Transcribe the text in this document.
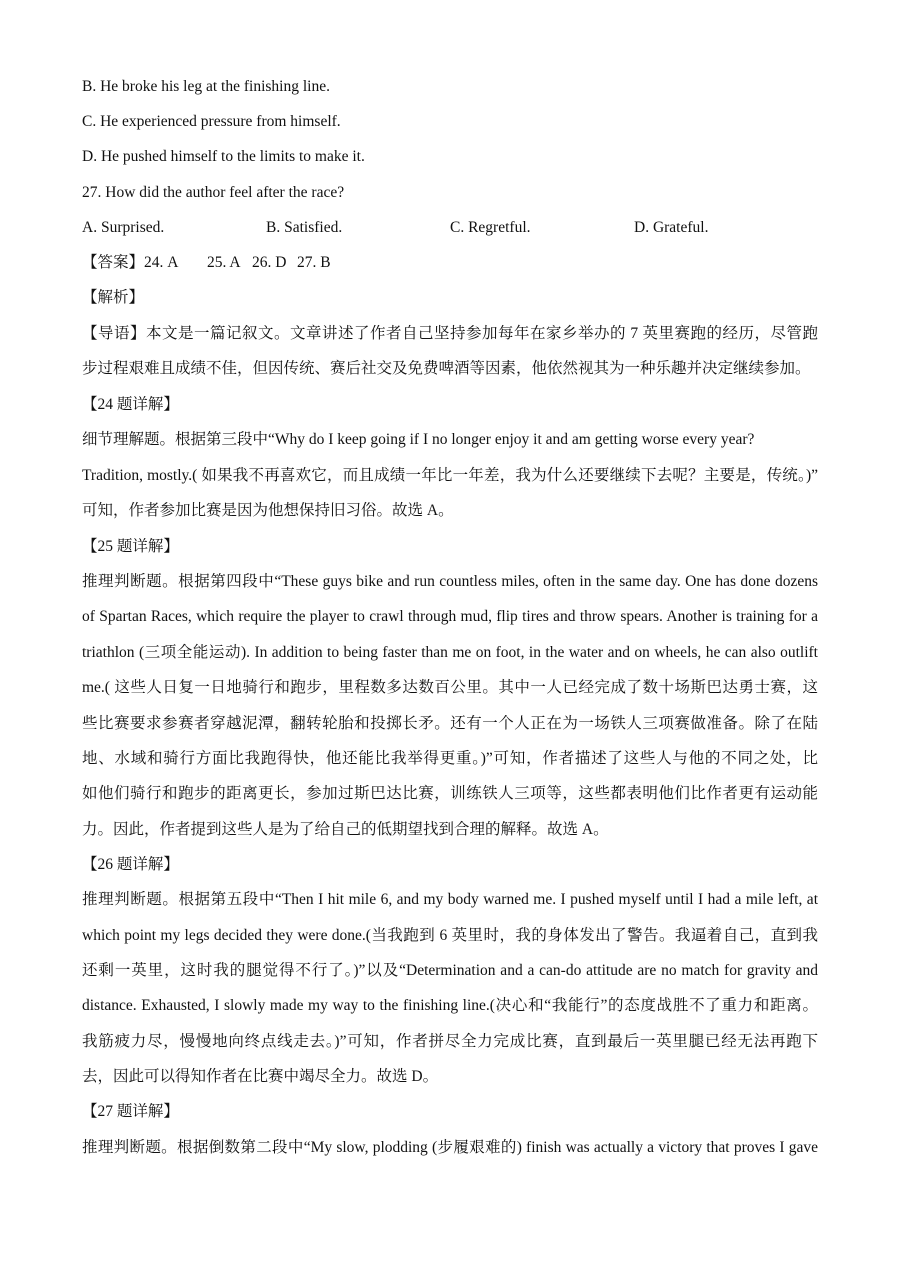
B. He broke his leg at the finishing line.
C. He experienced pressure from himself.
D. He pushed himself to the limits to make it.
27. How did the author feel after the race?
A. Surprised.	B. Satisfied.	C. Regretful.	D. Grateful.
【答案】24. A 25. A 26. D 27. B
【解析】
【导语】本文是一篇记叙文。文章讲述了作者自己坚持参加每年在家乡举办的 7 英里赛跑的经历，尽管跑
步过程艰难且成绩不佳，但因传统、赛后社交及免费啤酒等因素，他依然视其为一种乐趣并决定继续参加。
【24 题详解】
细节理解题。根据第三段中“Why do I keep going if I no longer enjoy it and am getting worse every year?
Tradition, mostly.( 如果我不再喜欢它，而且成绩一年比一年差，我为什么还要继续下去呢？主要是，传统。)”
可知，作者参加比赛是因为他想保持旧习俗。故选 A。
【25 题详解】
推理判断题。根据第四段中“These guys bike and run countless miles, often in the same day. One has done dozens
of Spartan Races, which require the player to crawl through mud, flip tires and throw spears. Another is training for a
triathlon (三项全能运动). In addition to being faster than me on foot, in the water and on wheels, he can also outlift
me.( 这些人日复一日地骑行和跑步，里程数多达数百公里。其中一人已经完成了数十场斯巴达勇士赛，这
些比赛要求参赛者穿越泥潭，翻转轮胎和投掷长矛。还有一个人正在为一场铁人三项赛做准备。除了在陆
地、水域和骑行方面比我跑得快，他还能比我举得更重。)”可知，作者描述了这些人与他的不同之处，比
如他们骑行和跑步的距离更长，参加过斯巴达比赛，训练铁人三项等，这些都表明他们比作者更有运动能
力。因此，作者提到这些人是为了给自己的低期望找到合理的解释。故选 A。
【26 题详解】
推理判断题。根据第五段中“Then I hit mile 6, and my body warned me. I pushed myself until I had a mile left, at
which point my legs decided they were done.(当我跑到 6 英里时，我的身体发出了警告。我逼着自己，直到我
还剩一英里，这时我的腿觉得不行了。)”以及“Determination and a can-do attitude are no match for gravity and
distance. Exhausted, I slowly made my way to the finishing line.(决心和“我能行”的态度战胜不了重力和距离。
我筋疲力尽，慢慢地向终点线走去。)”可知，作者拼尽全力完成比赛，直到最后一英里腿已经无法再跑下
去，因此可以得知作者在比赛中竭尽全力。故选 D。
【27 题详解】
推理判断题。根据倒数第二段中“My slow, plodding (步履艰难的) finish was actually a victory that proves I gave
